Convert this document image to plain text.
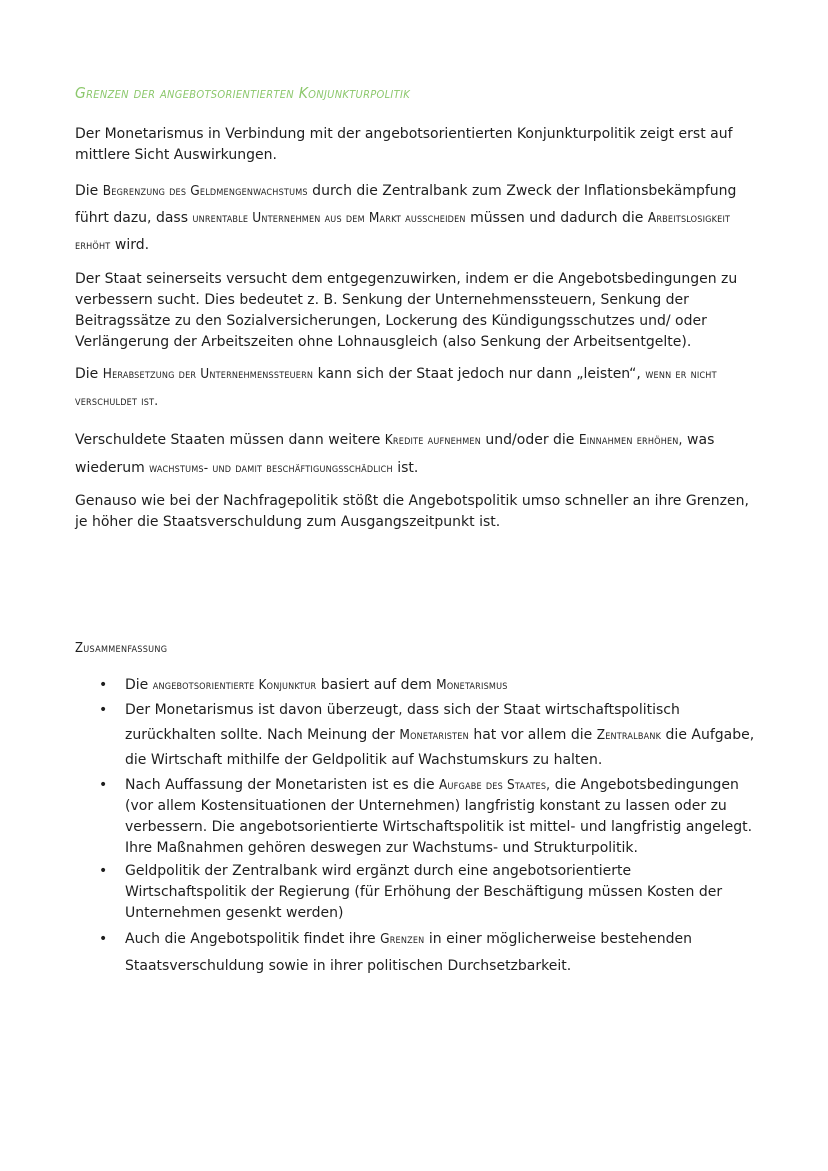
Grenzen der angebotsorientierten Konjunkturpolitik

Der Monetarismus in Verbindung mit der angebotsorientierten Konjunkturpolitik zeigt erst auf mittlere Sicht Auswirkungen.

Die Begrenzung des Geldmengenwachstums durch die Zentralbank zum Zweck der Inflationsbekämpfung führt dazu, dass unrentable Unternehmen aus dem Markt ausscheiden müssen und dadurch die Arbeitslosigkeit erhöht wird.

Der Staat seinerseits versucht dem entgegenzuwirken, indem er die Angebotsbedingungen zu verbessern sucht. Dies bedeutet z. B. Senkung der Unternehmenssteuern, Senkung der Beitragssätze zu den Sozialversicherungen, Lockerung des Kündigungsschutzes und/ oder Verlängerung der Arbeitszeiten ohne Lohnausgleich (also Senkung der Arbeitsentgelte).

Die Herabsetzung der Unternehmenssteuern kann sich der Staat jedoch nur dann „leisten“, wenn er nicht verschuldet ist.

Verschuldete Staaten müssen dann weitere Kredite aufnehmen und/oder die Einnahmen erhöhen, was wiederum wachstums- und damit beschäftigungsschädlich ist.

Genauso wie bei der Nachfragepolitik stößt die Angebotspolitik umso schneller an ihre Grenzen, je höher die Staatsverschuldung zum Ausgangszeitpunkt ist.

Zusammenfassung
• Die angebotsorientierte Konjunktur basiert auf dem Monetarismus
• Der Monetarismus ist davon überzeugt, dass sich der Staat wirtschaftspolitisch zurückhalten sollte. Nach Meinung der Monetaristen hat vor allem die Zentralbank die Aufgabe, die Wirtschaft mithilfe der Geldpolitik auf Wachstumskurs zu halten.
• Nach Auffassung der Monetaristen ist es die Aufgabe des Staates, die Angebotsbedingungen (vor allem Kostensituationen der Unternehmen) langfristig konstant zu lassen oder zu verbessern. Die angebotsorientierte Wirtschaftspolitik ist mittel- und langfristig angelegt. Ihre Maßnahmen gehören deswegen zur Wachstums- und Strukturpolitik.
• Geldpolitik der Zentralbank wird ergänzt durch eine angebotsorientierte Wirtschaftspolitik der Regierung (für Erhöhung der Beschäftigung müssen Kosten der Unternehmen gesenkt werden)
• Auch die Angebotspolitik findet ihre Grenzen in einer möglicherweise bestehenden Staatsverschuldung sowie in ihrer politischen Durchsetzbarkeit.
